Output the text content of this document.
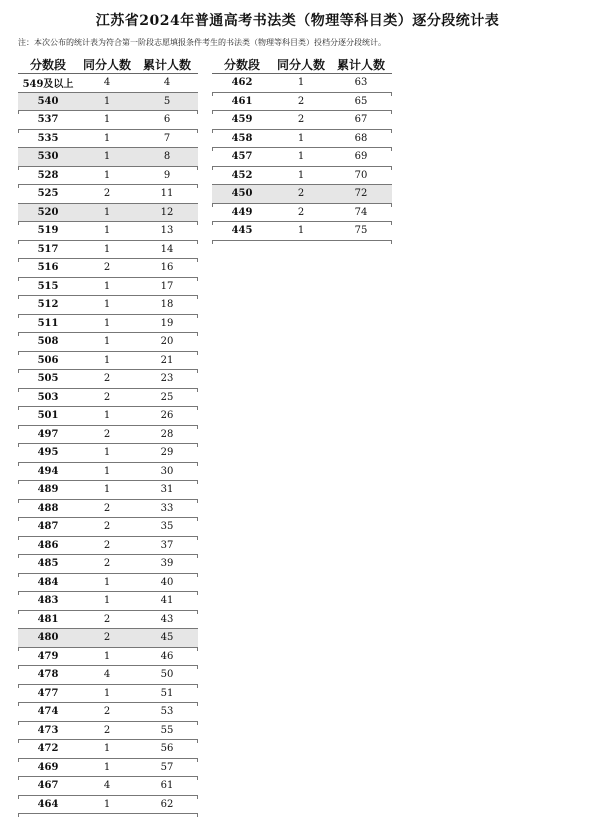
江苏省2024年普通高考书法类（物理等科目类）逐分段统计表
注：本次公布的统计表为符合第一阶段志愿填报条件考生的书法类（物理等科目类）投档分逐分段统计。
分数段	同分人数 累计人数
549及以上	4	4
540	1	5
537	1	6
535	1	7
530	1	8
528	1	9
525	2	11
520	1	12
519	1	13
517	1	14
516	2	16
515	1	17
512	1	18
511	1	19
508	1	20
506	1	21
505	2	23
503	2	25
501	1	26
497	2	28
495	1	29
494	1	30
489	1	31
488	2	33
487	2	35
486	2	37
485	2	39
484	1	40
483	1	41
481	2	43
480	2	45
479	1	46
478	4	50
477	1	51
474	2	53
473	2	55
472	1	56
469	1	57
467	4	61
464	1	62
分数段	同分人数 累计人数
462	1	63
461	2	65
459	2	67
458	1	68
457	1	69
452	1	70
450	2	72
449	2	74
445	1	75
